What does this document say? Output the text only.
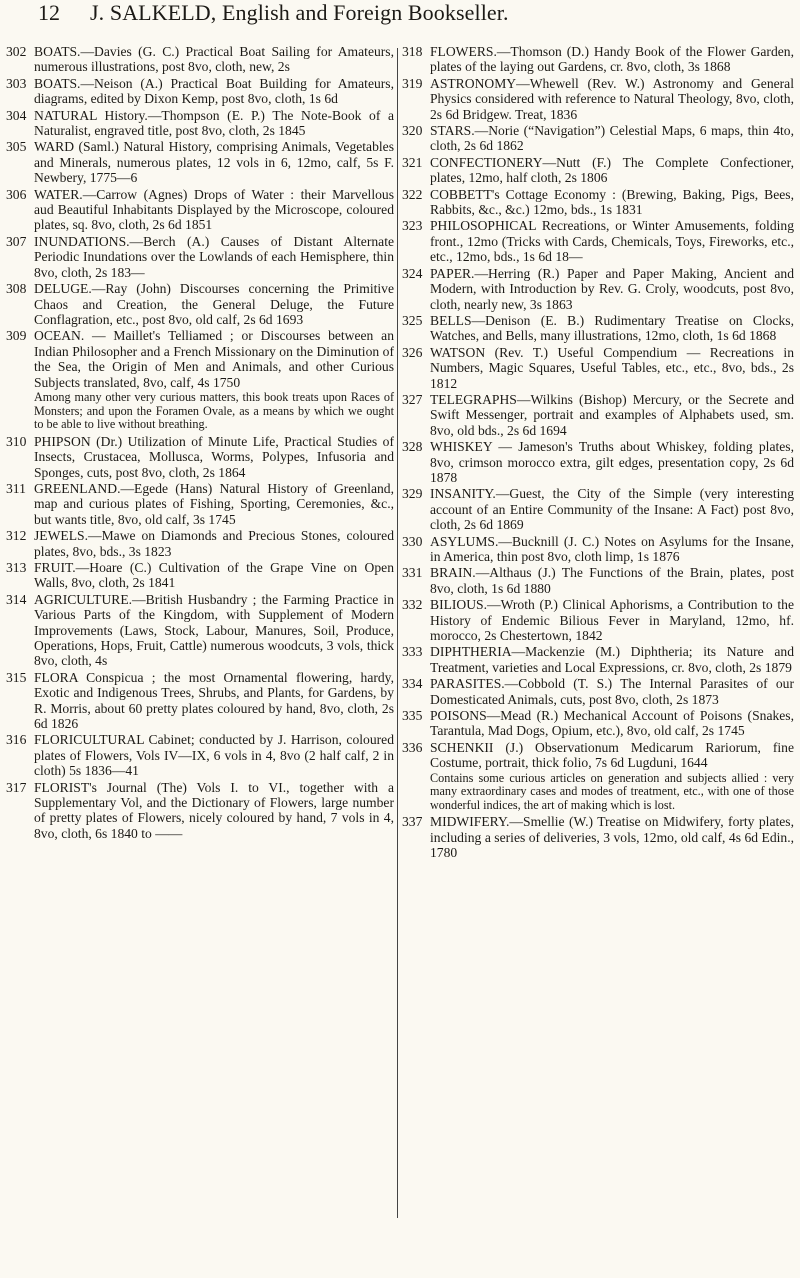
12 J. SALKELD, English and Foreign Bookseller.
302 BOATS.—Davies (G. C.) Practical Boat Sailing for Amateurs, numerous illustrations, post 8vo, cloth, new, 2s
303 BOATS.—Neison (A.) Practical Boat Building for Amateurs, diagrams, edited by Dixon Kemp, post 8vo, cloth, 1s 6d
304 NATURAL History.—Thompson (E. P.) The Note-Book of a Naturalist, engraved title, post 8vo, cloth, 2s 1845
305 WARD (Saml.) Natural History, comprising Animals, Vegetables and Minerals, numerous plates, 12 vols in 6, 12mo, calf, 5s F. Newbery, 1775—6
306 WATER.—Carrow (Agnes) Drops of Water : their Marvellous aud Beautiful Inhabitants Displayed by the Microscope, coloured plates, sq. 8vo, cloth, 2s 6d 1851
307 INUNDATIONS.—Berch (A.) Causes of Distant Alternate Periodic Inundations over the Lowlands of each Hemisphere, thin 8vo, cloth, 2s 183—
308 DELUGE.—Ray (John) Discourses concerning the Primitive Chaos and Creation, the General Deluge, the Future Conflagration, etc., post 8vo, old calf, 2s 6d 1693
309 OCEAN. — Maillet's Telliamed ; or Discourses between an Indian Philosopher and a French Missionary on the Diminution of the Sea, the Origin of Men and Animals, and other Curious Subjects translated, 8vo, calf, 4s 1750
Among many other very curious matters, this book treats upon Races of Monsters; and upon the Foramen Ovale, as a means by which we ought to be able to live without breathing.
310 PHIPSON (Dr.) Utilization of Minute Life, Practical Studies of Insects, Crustacea, Mollusca, Worms, Polypes, Infusoria and Sponges, cuts, post 8vo, cloth, 2s 1864
311 GREENLAND.—Egede (Hans) Natural History of Greenland, map and curious plates of Fishing, Sporting, Ceremonies, &c., but wants title, 8vo, old calf, 3s 1745
312 JEWELS.—Mawe on Diamonds and Precious Stones, coloured plates, 8vo, bds., 3s 1823
313 FRUIT.—Hoare (C.) Cultivation of the Grape Vine on Open Walls, 8vo, cloth, 2s 1841
314 AGRICULTURE.—British Husbandry ; the Farming Practice in Various Parts of the Kingdom, with Supplement of Modern Improvements (Laws, Stock, Labour, Manures, Soil, Produce, Operations, Hops, Fruit, Cattle) numerous woodcuts, 3 vols, thick 8vo, cloth, 4s
315 FLORA Conspicua ; the most Ornamental flowering, hardy, Exotic and Indigenous Trees, Shrubs, and Plants, for Gardens, by R. Morris, about 60 pretty plates coloured by hand, 8vo, cloth, 2s 6d 1826
316 FLORICULTURAL Cabinet; conducted by J. Harrison, coloured plates of Flowers, Vols IV—IX, 6 vols in 4, 8vo (2 half calf, 2 in cloth) 5s 1836—41
317 FLORIST's Journal (The) Vols I. to VI., together with a Supplementary Vol, and the Dictionary of Flowers, large number of pretty plates of Flowers, nicely coloured by hand, 7 vols in 4, 8vo, cloth, 6s 1840 to ——
318 FLOWERS.—Thomson (D.) Handy Book of the Flower Garden, plates of the laying out Gardens, cr. 8vo, cloth, 3s 1868
319 ASTRONOMY—Whewell (Rev. W.) Astronomy and General Physics considered with reference to Natural Theology, 8vo, cloth, 2s 6d Bridgew. Treat, 1836
320 STARS.—Norie (“Navigation”) Celestial Maps, 6 maps, thin 4to, cloth, 2s 6d 1862
321 CONFECTIONERY—Nutt (F.) The Complete Confectioner, plates, 12mo, half cloth, 2s 1806
322 COBBETT's Cottage Economy : (Brewing, Baking, Pigs, Bees, Rabbits, &c., &c.) 12mo, bds., 1s 1831
323 PHILOSOPHICAL Recreations, or Winter Amusements, folding front., 12mo (Tricks with Cards, Chemicals, Toys, Fireworks, etc., etc., 12mo, bds., 1s 6d 18—
324 PAPER.—Herring (R.) Paper and Paper Making, Ancient and Modern, with Introduction by Rev. G. Croly, woodcuts, post 8vo, cloth, nearly new, 3s 1863
325 BELLS—Denison (E. B.) Rudimentary Treatise on Clocks, Watches, and Bells, many illustrations, 12mo, cloth, 1s 6d 1868
326 WATSON (Rev. T.) Useful Compendium — Recreations in Numbers, Magic Squares, Useful Tables, etc., etc., 8vo, bds., 2s 1812
327 TELEGRAPHS—Wilkins (Bishop) Mercury, or the Secrete and Swift Messenger, portrait and examples of Alphabets used, sm. 8vo, old bds., 2s 6d 1694
328 WHISKEY — Jameson's Truths about Whiskey, folding plates, 8vo, crimson morocco extra, gilt edges, presentation copy, 2s 6d 1878
329 INSANITY.—Guest, the City of the Simple (very interesting account of an Entire Community of the Insane: A Fact) post 8vo, cloth, 2s 6d 1869
330 ASYLUMS.—Bucknill (J. C.) Notes on Asylums for the Insane, in America, thin post 8vo, cloth limp, 1s 1876
331 BRAIN.—Althaus (J.) The Functions of the Brain, plates, post 8vo, cloth, 1s 6d 1880
332 BILIOUS.—Wroth (P.) Clinical Aphorisms, a Contribution to the History of Endemic Bilious Fever in Maryland, 12mo, hf. morocco, 2s Chestertown, 1842
333 DIPHTHERIA—Mackenzie (M.) Diphtheria; its Nature and Treatment, varieties and Local Expressions, cr. 8vo, cloth, 2s 1879
334 PARASITES.—Cobbold (T. S.) The Internal Parasites of our Domesticated Animals, cuts, post 8vo, cloth, 2s 1873
335 POISONS—Mead (R.) Mechanical Account of Poisons (Snakes, Tarantula, Mad Dogs, Opium, etc.), 8vo, old calf, 2s 1745
336 SCHENKII (J.) Observationum Medicarum Rariorum, fine Costume, portrait, thick folio, 7s 6d Lugduni, 1644
Contains some curious articles on generation and subjects allied : very many extraordinary cases and modes of treatment, etc., with one of those wonderful indices, the art of making which is lost.
337 MIDWIFERY.—Smellie (W.) Treatise on Midwifery, forty plates, including a series of deliveries, 3 vols, 12mo, old calf, 4s 6d Edin., 1780
